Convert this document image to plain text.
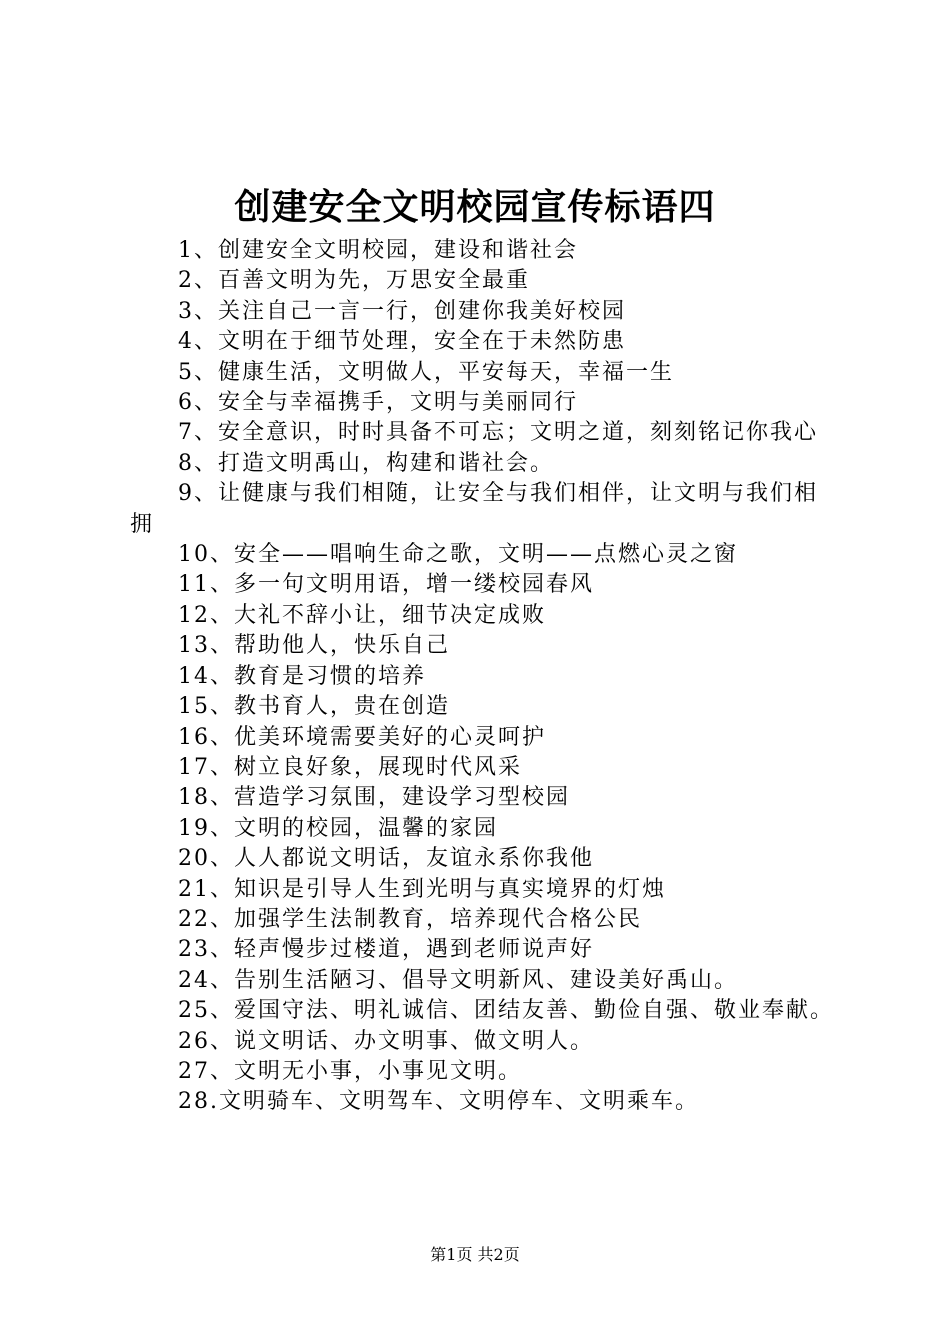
创建安全文明校园宣传标语四
1、创建安全文明校园，建设和谐社会
2、百善文明为先，万思安全最重
3、关注自己一言一行，创建你我美好校园
4、文明在于细节处理，安全在于未然防患
5、健康生活，文明做人，平安每天，幸福一生
6、安全与幸福携手，文明与美丽同行
7、安全意识，时时具备不可忘；文明之道，刻刻铭记你我心
8、打造文明禹山，构建和谐社会。
9、让健康与我们相随，让安全与我们相伴，让文明与我们相拥
10、安全——唱响生命之歌，文明——点燃心灵之窗
11、多一句文明用语，增一缕校园春风
12、大礼不辞小让，细节决定成败
13、帮助他人，快乐自己
14、教育是习惯的培养
15、教书育人，贵在创造
16、优美环境需要美好的心灵呵护
17、树立良好象，展现时代风采
18、营造学习氛围，建设学习型校园
19、文明的校园，温馨的家园
20、人人都说文明话，友谊永系你我他
21、知识是引导人生到光明与真实境界的灯烛
22、加强学生法制教育，培养现代合格公民
23、轻声慢步过楼道，遇到老师说声好
24、告别生活陋习、倡导文明新风、建设美好禹山。
25、爱国守法、明礼诚信、团结友善、勤俭自强、敬业奉献。
26、说文明话、办文明事、做文明人。
27、文明无小事，小事见文明。
28.文明骑车、文明驾车、文明停车、文明乘车。
第1页 共2页
